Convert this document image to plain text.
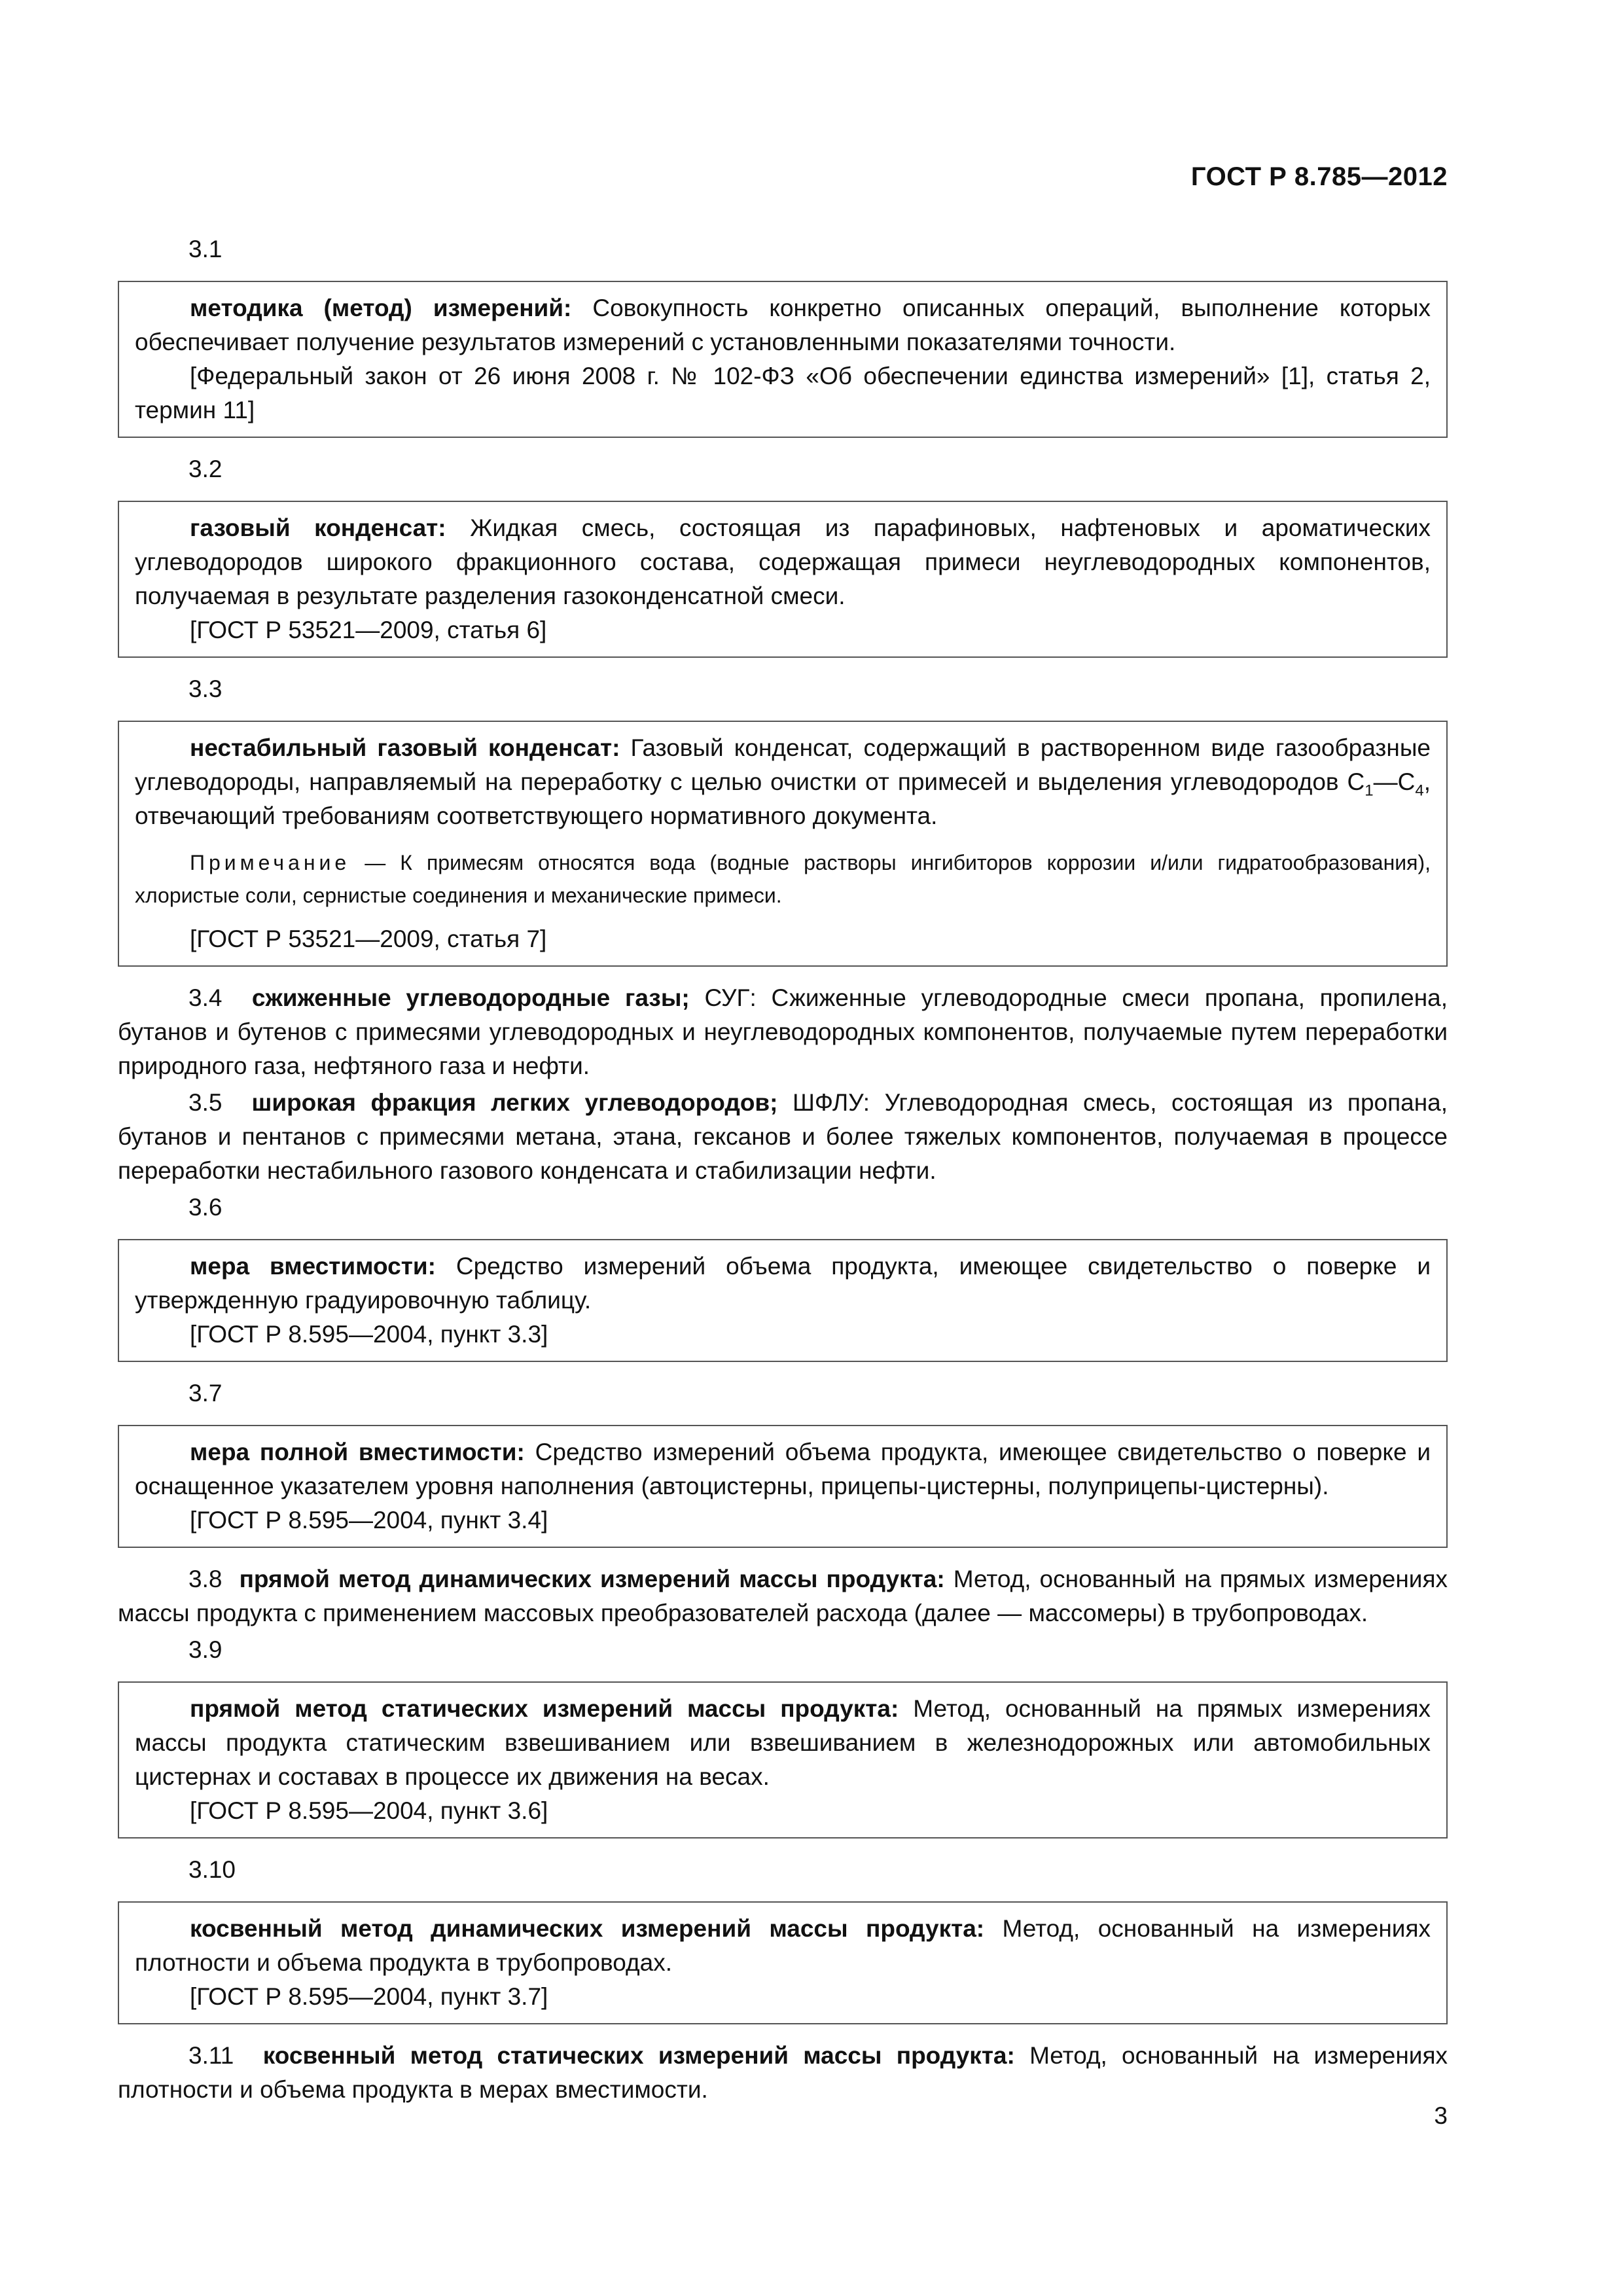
ГОСТ Р 8.785—2012
3.1

методика (метод) измерений: Совокупность конкретно описанных операций, выполнение которых обеспечивает получение результатов измерений с установленными показателями точности.

[Федеральный закон от 26 июня 2008 г. № 102-ФЗ «Об обеспечении единства измерений» [1], статья 2, термин 11]

3.2

газовый конденсат: Жидкая смесь, состоящая из парафиновых, нафтеновых и ароматических углеводородов широкого фракционного состава, содержащая примеси неуглеводородных компонентов, получаемая в результате разделения газоконденсатной смеси.

[ГОСТ Р 53521—2009, статья 6]

3.3

нестабильный газовый конденсат: Газовый конденсат, содержащий в растворенном виде газообразные углеводороды, направляемый на переработку с целью очистки от примесей и выделения углеводородов $С_1—С_4$, отвечающий требованиям соответствующего нормативного документа.

Примечание — К примесям относятся вода (водные растворы ингибиторов коррозии и/или гидратообразования), хлористые соли, сернистые соединения и механические примеси.

[ГОСТ Р 53521—2009, статья 7]

3.4 сжиженные углеводородные газы; СУГ: Сжиженные углеводородные смеси пропана, пропилена, бутанов и бутенов с примесями углеводородных и неуглеводородных компонентов, получаемые путем переработки природного газа, нефтяного газа и нефти.

3.5 широкая фракция легких углеводородов; ШФЛУ: Углеводородная смесь, состоящая из пропана, бутанов и пентанов с примесями метана, этана, гексанов и более тяжелых компонентов, получаемая в процессе переработки нестабильного газового конденсата и стабилизации нефти.

3.6

мера вместимости: Средство измерений объема продукта, имеющее свидетельство о поверке и утвержденную градуировочную таблицу.

[ГОСТ Р 8.595—2004, пункт 3.3]

3.7

мера полной вместимости: Средство измерений объема продукта, имеющее свидетельство о поверке и оснащенное указателем уровня наполнения (автоцистерны, прицепы-цистерны, полуприцепы-цистерны).

[ГОСТ Р 8.595—2004, пункт 3.4]

3.8 прямой метод динамических измерений массы продукта: Метод, основанный на прямых измерениях массы продукта с применением массовых преобразователей расхода (далее — массомеры) в трубопроводах.

3.9

прямой метод статических измерений массы продукта: Метод, основанный на прямых измерениях массы продукта статическим взвешиванием или взвешиванием в железнодорожных или автомобильных цистернах и составах в процессе их движения на весах.

[ГОСТ Р 8.595—2004, пункт 3.6]

3.10

косвенный метод динамических измерений массы продукта: Метод, основанный на измерениях плотности и объема продукта в трубопроводах.

[ГОСТ Р 8.595—2004, пункт 3.7]

3.11 косвенный метод статических измерений массы продукта: Метод, основанный на измерениях плотности и объема продукта в мерах вместимости.

3
